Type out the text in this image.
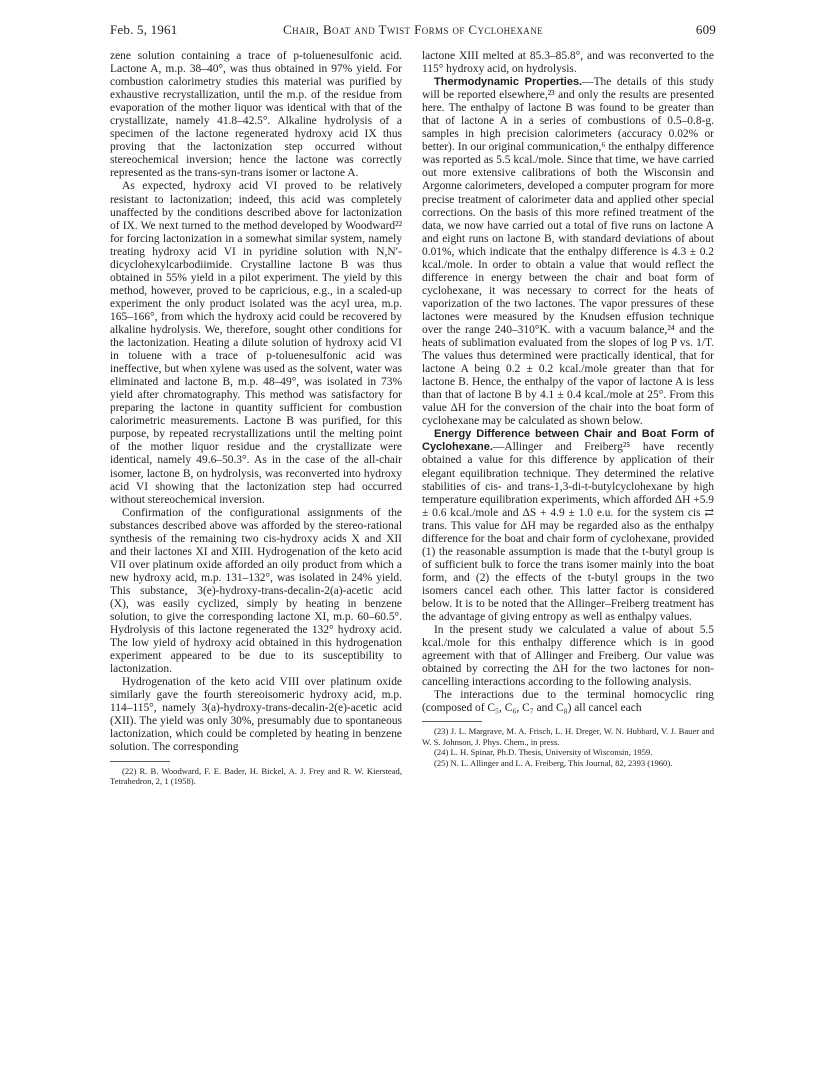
Feb. 5, 1961	Chair, Boat and Twist Forms of Cyclohexane	609

zene solution containing a trace of p-toluenesulfonic acid. Lactone A, m.p. 38–40°, was thus obtained in 97% yield. For combustion calorimetry studies this material was purified by exhaustive recrystallization, until the m.p. of the residue from evaporation of the mother liquor was identical with that of the crystallizate, namely 41.8–42.5°. Alkaline hydrolysis of a specimen of the lactone regenerated hydroxy acid IX thus proving that the lactonization step occurred without stereochemical inversion; hence the lactone was correctly represented as the trans-syn-trans isomer or lactone A.

As expected, hydroxy acid VI proved to be relatively resistant to lactonization; indeed, this acid was completely unaffected by the conditions described above for lactonization of IX. We next turned to the method developed by Woodward²² for forcing lactonization in a somewhat similar system, namely treating hydroxy acid VI in pyridine solution with N,N′-dicyclohexylcarbodiimide. Crystalline lactone B was thus obtained in 55% yield in a pilot experiment. The yield by this method, however, proved to be capricious, e.g., in a scaled-up experiment the only product isolated was the acyl urea, m.p. 165–166°, from which the hydroxy acid could be recovered by alkaline hydrolysis. We, therefore, sought other conditions for the lactonization. Heating a dilute solution of hydroxy acid VI in toluene with a trace of p-toluenesulfonic acid was ineffective, but when xylene was used as the solvent, water was eliminated and lactone B, m.p. 48–49°, was isolated in 73% yield after chromatography. This method was satisfactory for preparing the lactone in quantity sufficient for combustion calorimetric measurements. Lactone B was purified, for this purpose, by repeated recrystallizations until the melting point of the mother liquor residue and the crystallizate were identical, namely 49.6–50.3°. As in the case of the all-chair isomer, lactone B, on hydrolysis, was reconverted into hydroxy acid VI showing that the lactonization step had occurred without stereochemical inversion.

Confirmation of the configurational assignments of the substances described above was afforded by the stereo-rational synthesis of the remaining two cis-hydroxy acids X and XII and their lactones XI and XIII. Hydrogenation of the keto acid VII over platinum oxide afforded an oily product from which a new hydroxy acid, m.p. 131–132°, was isolated in 24% yield. This substance, 3(e)-hydroxy-trans-decalin-2(a)-acetic acid (X), was easily cyclized, simply by heating in benzene solution, to give the corresponding lactone XI, m.p. 60–60.5°. Hydrolysis of this lactone regenerated the 132° hydroxy acid. The low yield of hydroxy acid obtained in this hydrogenation experiment appeared to be due to its susceptibility to lactonization.

Hydrogenation of the keto acid VIII over platinum oxide similarly gave the fourth stereoisomeric hydroxy acid, m.p. 114–115°, namely 3(a)-hydroxy-trans-decalin-2(e)-acetic acid (XII). The yield was only 30%, presumably due to spontaneous lactonization, which could be completed by heating in benzene solution. The corresponding

(22) R. B. Woodward, F. E. Bader, H. Bickel, A. J. Frey and R. W. Kierstead, Tetrahedron, 2, 1 (1958).

lactone XIII melted at 85.3–85.8°, and was reconverted to the 115° hydroxy acid, on hydrolysis.

Thermodynamic Properties.—The details of this study will be reported elsewhere,²³ and only the results are presented here. The enthalpy of lactone B was found to be greater than that of lactone A in a series of combustions of 0.5–0.8-g. samples in high precision calorimeters (accuracy 0.02% or better). In our original communication,⁶ the enthalpy difference was reported as 5.5 kcal./mole. Since that time, we have carried out more extensive calibrations of both the Wisconsin and Argonne calorimeters, developed a computer program for more precise treatment of calorimeter data and applied other special corrections. On the basis of this more refined treatment of the data, we now have carried out a total of five runs on lactone A and eight runs on lactone B, with standard deviations of about 0.01%, which indicate that the enthalpy difference is 4.3 ± 0.2 kcal./mole. In order to obtain a value that would reflect the difference in energy between the chair and boat form of cyclohexane, it was necessary to correct for the heats of vaporization of the two lactones. The vapor pressures of these lactones were measured by the Knudsen effusion technique over the range 240–310°K. with a vacuum balance,²⁴ and the heats of sublimation evaluated from the slopes of log P vs. 1/T. The values thus determined were practically identical, that for lactone A being 0.2 ± 0.2 kcal./mole greater than that for lactone B. Hence, the enthalpy of the vapor of lactone A is less than that of lactone B by 4.1 ± 0.4 kcal./mole at 25°. From this value ΔH for the conversion of the chair into the boat form of cyclohexane may be calculated as shown below.

Energy Difference between Chair and Boat Form of Cyclohexane.—Allinger and Freiberg²⁵ have recently obtained a value for this difference by application of their elegant equilibration technique. They determined the relative stabilities of cis- and trans-1,3-di-t-butylcyclohexane by high temperature equilibration experiments, which afforded ΔH +5.9 ± 0.6 kcal./mole and ΔS + 4.9 ± 1.0 e.u. for the system cis ⇄ trans. This value for ΔH may be regarded also as the enthalpy difference for the boat and chair form of cyclohexane, provided (1) the reasonable assumption is made that the t-butyl group is of sufficient bulk to force the trans isomer mainly into the boat form, and (2) the effects of the t-butyl groups in the two isomers cancel each other. This latter factor is considered below. It is to be noted that the Allinger–Freiberg treatment has the advantage of giving entropy as well as enthalpy values.

In the present study we calculated a value of about 5.5 kcal./mole for this enthalpy difference which is in good agreement with that of Allinger and Freiberg. Our value was obtained by correcting the ΔH for the two lactones for non-cancelling interactions according to the following analysis.

The interactions due to the terminal homocyclic ring (composed of C₅, C₆, C₇ and C₈) all cancel each

(23) J. L. Margrave, M. A. Frisch, L. H. Dreger, W. N. Hubbard, V. J. Bauer and W. S. Johnson, J. Phys. Chem., in press.

(24) L. H. Spinar, Ph.D. Thesis, University of Wisconsin, 1959.

(25) N. L. Allinger and L. A. Freiberg, This Journal, 82, 2393 (1960).
